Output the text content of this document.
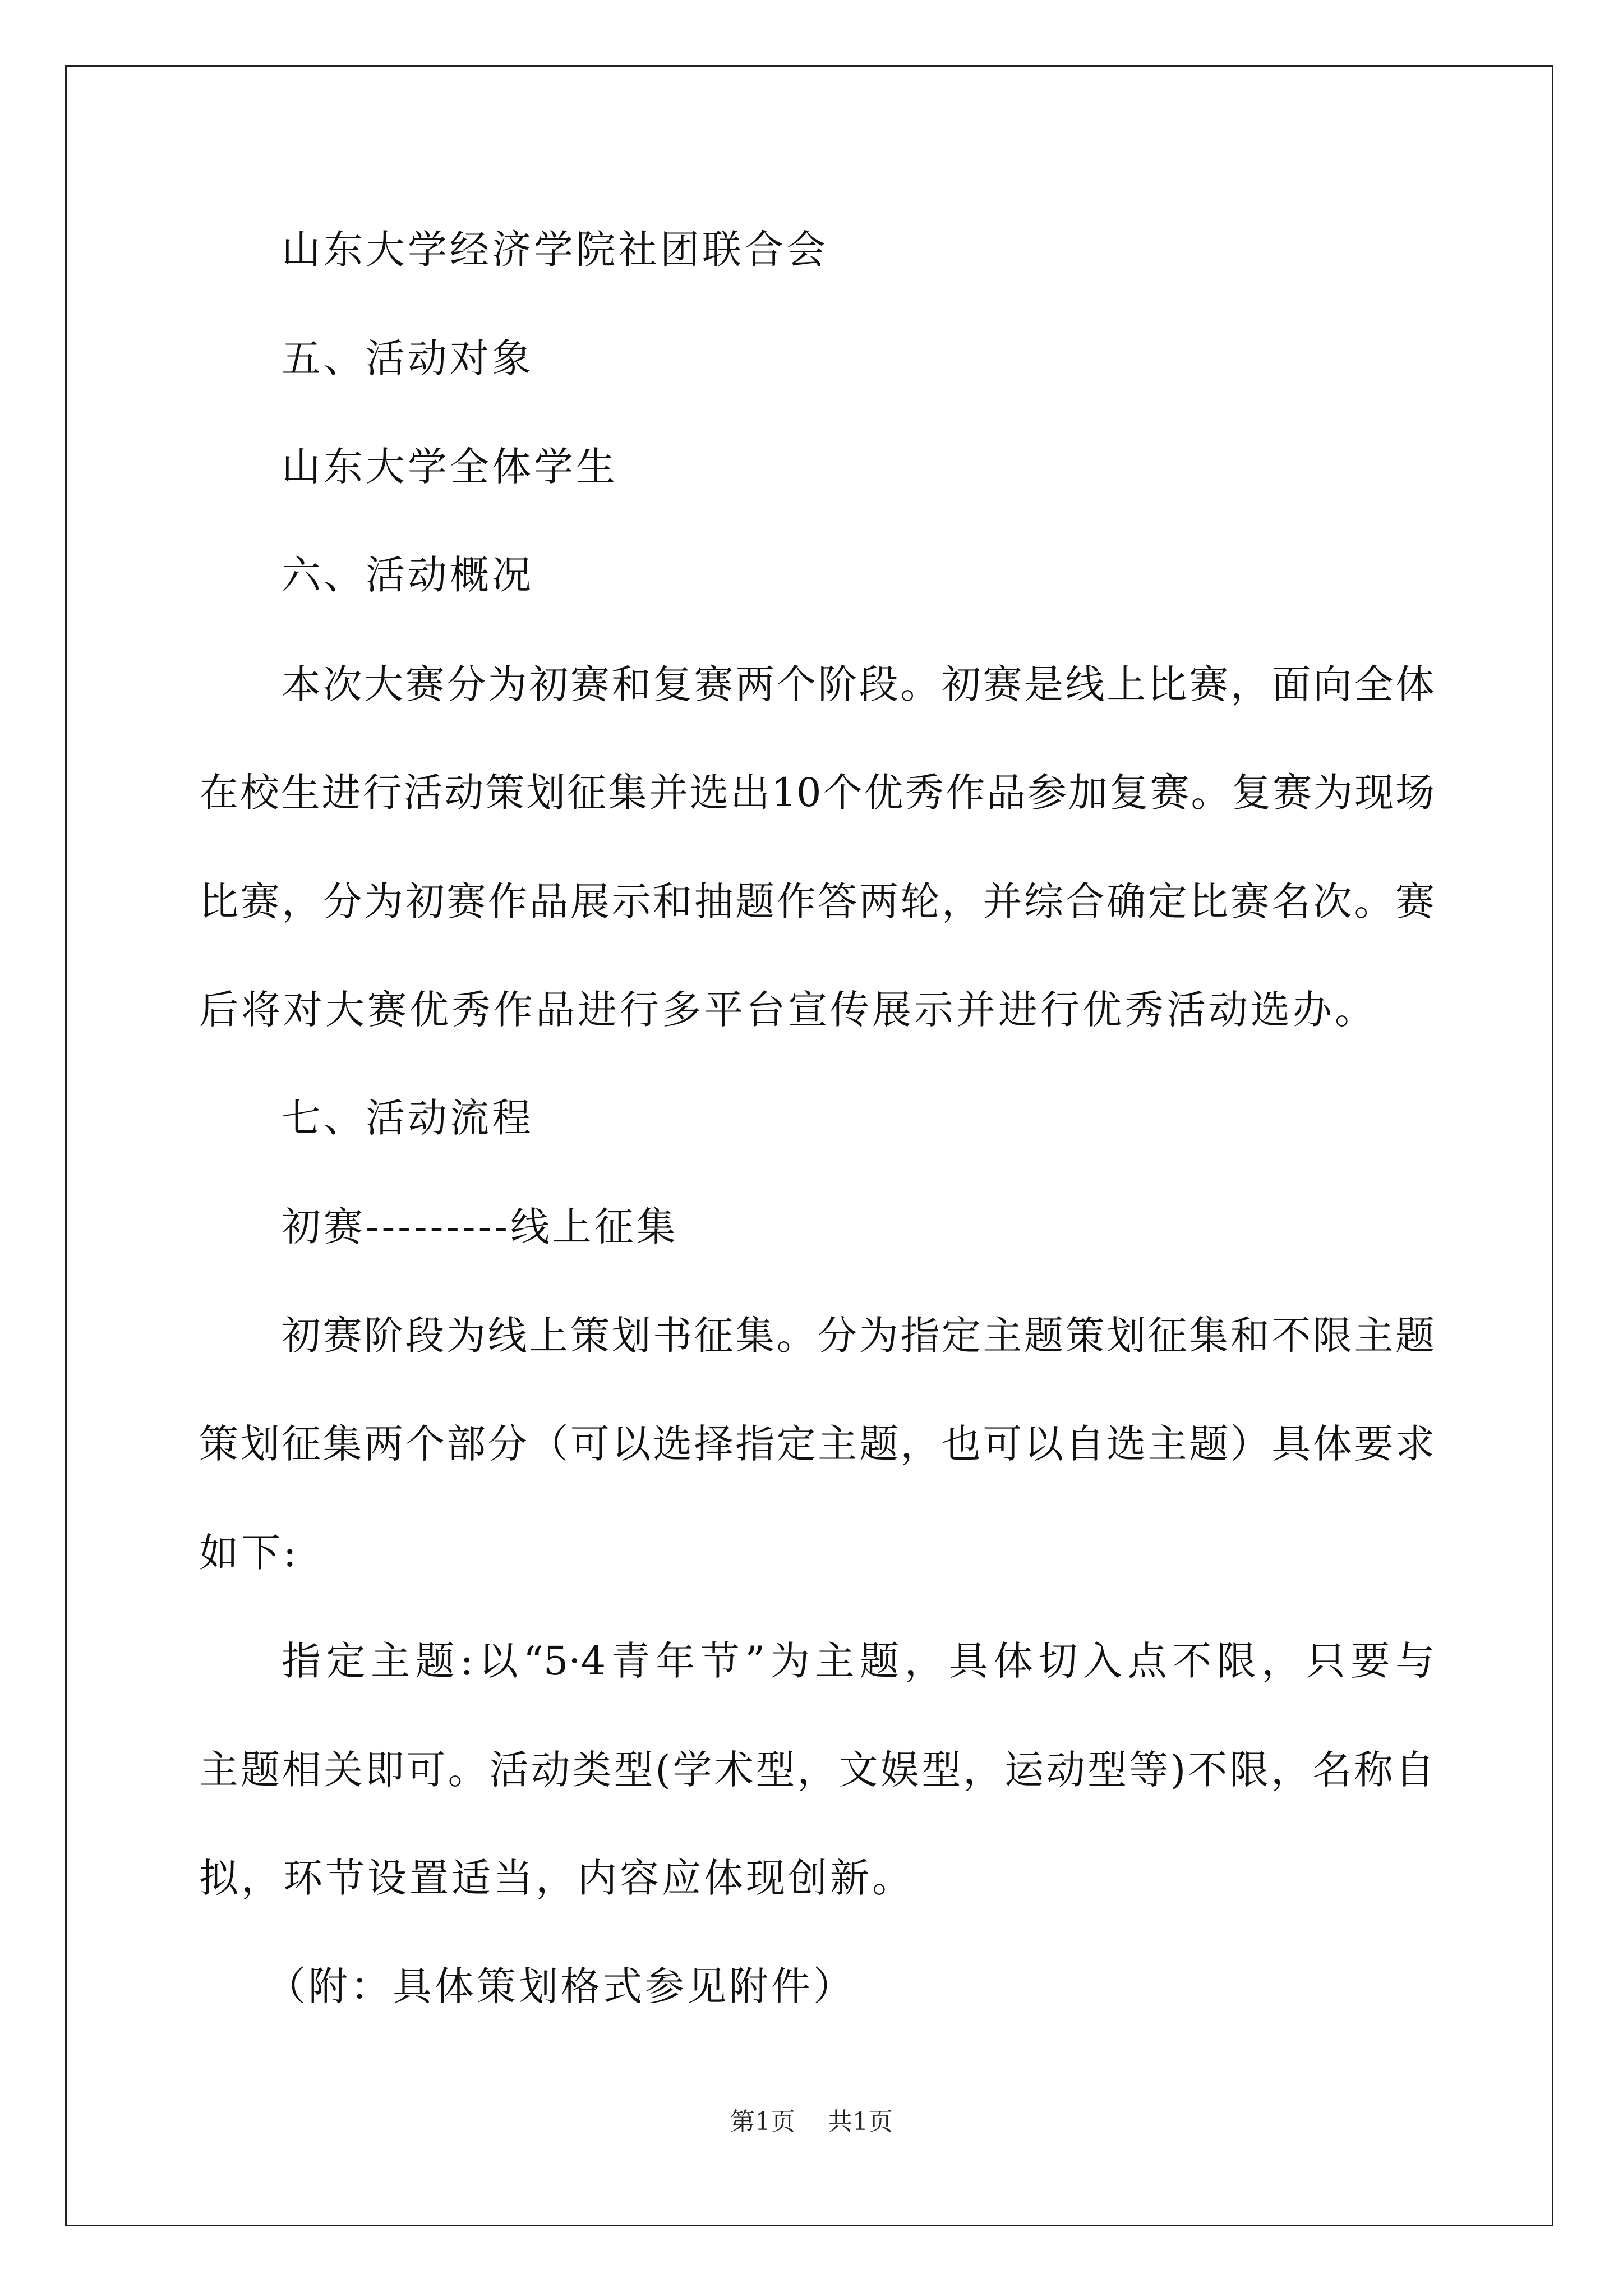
山东大学经济学院社团联合会
五、活动对象
山东大学全体学生
六、活动概况
本次大赛分为初赛和复赛两个阶段。初赛是线上比赛，面向全体
在校生进行活动策划征集并选出10个优秀作品参加复赛。复赛为现场
比赛，分为初赛作品展示和抽题作答两轮，并综合确定比赛名次。赛
后将对大赛优秀作品进行多平台宣传展示并进行优秀活动选办。
七、活动流程
初赛---------线上征集
初赛阶段为线上策划书征集。分为指定主题策划征集和不限主题
策划征集两个部分（可以选择指定主题，也可以自选主题）具体要求
如下:
指定主题:以“5·4青年节”为主题，具体切入点不限，只要与
主题相关即可。活动类型(学术型，文娱型，运动型等)不限，名称自
拟，环节设置适当，内容应体现创新。
（附：具体策划格式参见附件）
第1页 共1页
